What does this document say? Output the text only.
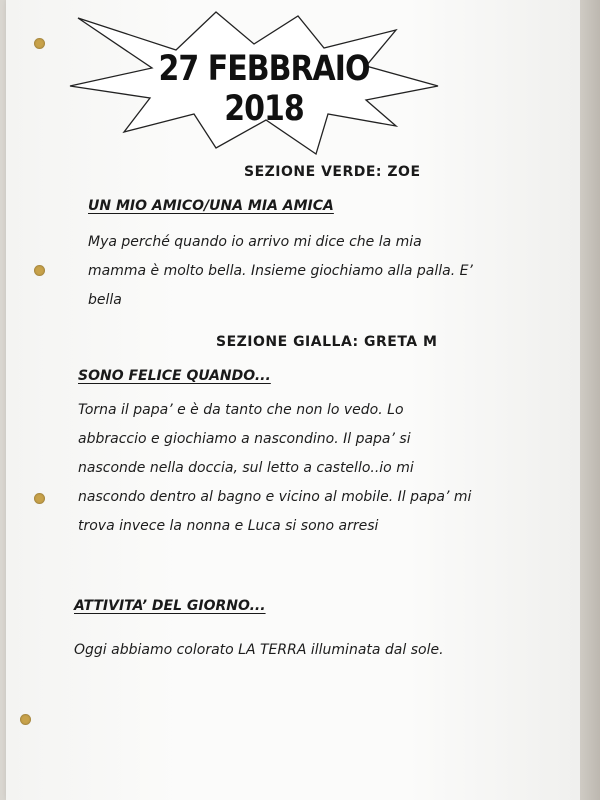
27 FEBBRAIO 2018
SEZIONE VERDE: ZOE
UN MIO AMICO/UNA MIA AMICA
Mya perché quando io arrivo mi dice che la mia
mamma è molto bella. Insieme giochiamo alla palla. E’
bella
SEZIONE GIALLA: GRETA M
SONO FELICE QUANDO...
Torna il papa’ e è da tanto che non lo vedo. Lo
abbraccio e giochiamo a nascondino. Il papa’ si
nasconde nella doccia, sul letto a castello..io mi
nascondo dentro al bagno e vicino al mobile. Il papa’ mi
trova invece la nonna e Luca si sono arresi
ATTIVITA’ DEL GIORNO...
Oggi abbiamo colorato LA TERRA illuminata dal sole.
